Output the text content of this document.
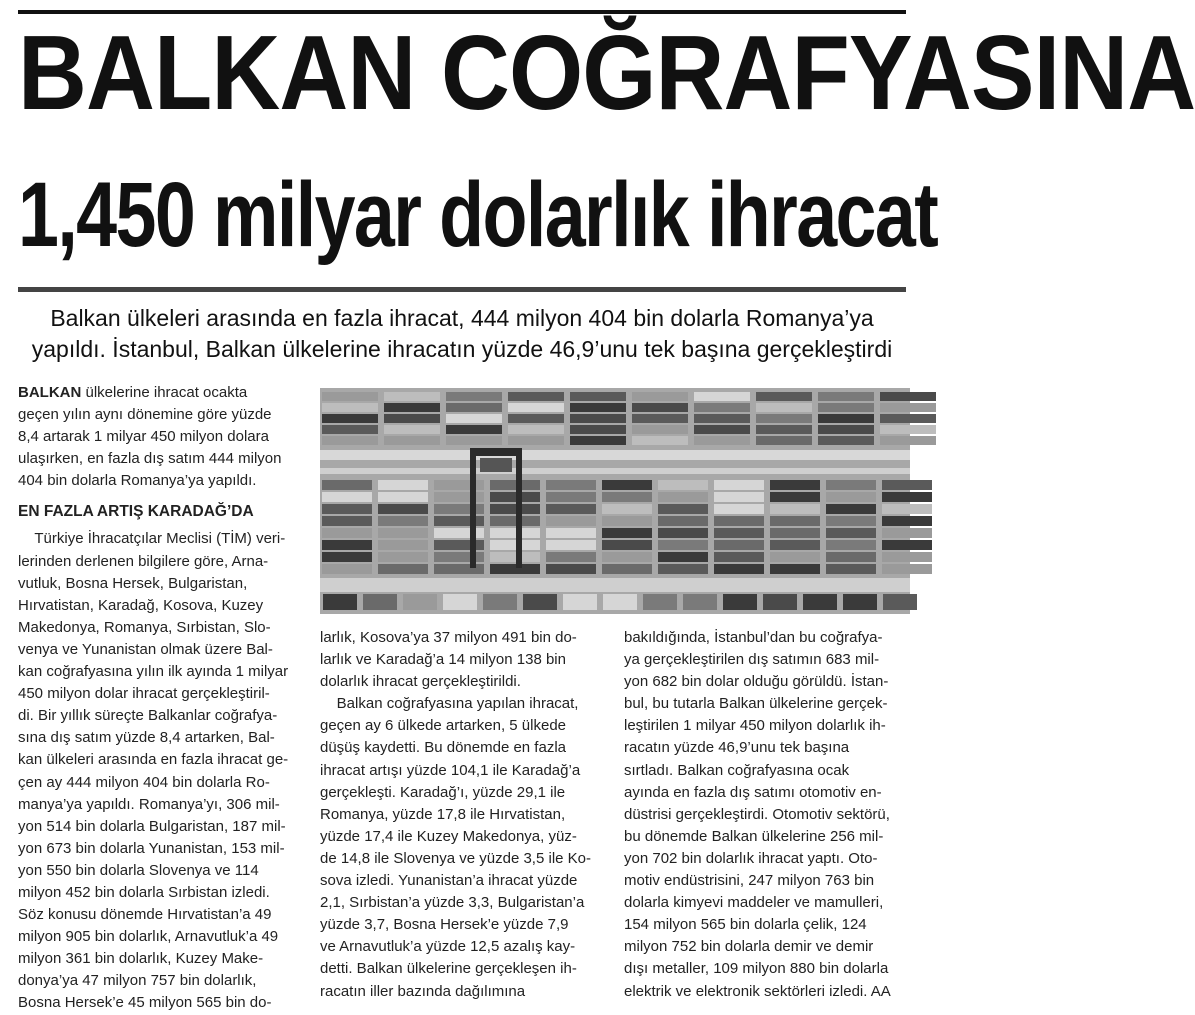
BALKAN COĞRAFYASINA
1,450 milyar dolarlık ihracat
Balkan ülkeleri arasında en fazla ihracat, 444 milyon 404 bin dolarla Romanya’ya
yapıldı. İstanbul, Balkan ülkelerine ihracatın yüzde 46,9’unu tek başına gerçekleştirdi
BALKAN ülkelerine ihracat ocakta
geçen yılın aynı dönemine göre yüzde
8,4 artarak 1 milyar 450 milyon dolara
ulaşırken, en fazla dış satım 444 milyon
404 bin dolarla Romanya’ya yapıldı.
EN FAZLA ARTIŞ KARADAĞ’DA
Türkiye İhracatçılar Meclisi (TİM) veri-
lerinden derlenen bilgilere göre, Arna-
vutluk, Bosna Hersek, Bulgaristan,
Hırvatistan, Karadağ, Kosova, Kuzey
Makedonya, Romanya, Sırbistan, Slo-
venya ve Yunanistan olmak üzere Bal-
kan coğrafyasına yılın ilk ayında 1 milyar
450 milyon dolar ihracat gerçekleştiril-
di. Bir yıllık süreçte Balkanlar coğrafya-
sına dış satım yüzde 8,4 artarken, Bal-
kan ülkeleri arasında en fazla ihracat ge-
çen ay 444 milyon 404 bin dolarla Ro-
manya’ya yapıldı. Romanya’yı, 306 mil-
yon 514 bin dolarla Bulgaristan, 187 mil-
yon 673 bin dolarla Yunanistan, 153 mil-
yon 550 bin dolarla Slovenya ve 114
milyon 452 bin dolarla Sırbistan izledi.
Söz konusu dönemde Hırvatistan’a 49
milyon 905 bin dolarlık, Arnavutluk’a 49
milyon 361 bin dolarlık, Kuzey Make-
donya’ya 47 milyon 757 bin dolarlık,
Bosna Hersek’e 45 milyon 565 bin do-
larlık, Kosova’ya 37 milyon 491 bin do-
larlık ve Karadağ’a 14 milyon 138 bin
dolarlık ihracat gerçekleştirildi.
Balkan coğrafyasına yapılan ihracat,
geçen ay 6 ülkede artarken, 5 ülkede
düşüş kaydetti. Bu dönemde en fazla
ihracat artışı yüzde 104,1 ile Karadağ’a
gerçekleşti. Karadağ’ı, yüzde 29,1 ile
Romanya, yüzde 17,8 ile Hırvatistan,
yüzde 17,4 ile Kuzey Makedonya, yüz-
de 14,8 ile Slovenya ve yüzde 3,5 ile Ko-
sova izledi. Yunanistan’a ihracat yüzde
2,1, Sırbistan’a yüzde 3,3, Bulgaristan’a
yüzde 3,7, Bosna Hersek’e yüzde 7,9
ve Arnavutluk’a yüzde 12,5 azalış kay-
detti. Balkan ülkelerine gerçekleşen ih-
racatın iller bazında dağılımına
bakıldığında, İstanbul’dan bu coğrafya-
ya gerçekleştirilen dış satımın 683 mil-
yon 682 bin dolar olduğu görüldü. İstan-
bul, bu tutarla Balkan ülkelerine gerçek-
leştirilen 1 milyar 450 milyon dolarlık ih-
racatın yüzde 46,9’unu tek başına
sırtladı. Balkan coğrafyasına ocak
ayında en fazla dış satımı otomotiv en-
düstrisi gerçekleştirdi. Otomotiv sektörü,
bu dönemde Balkan ülkelerine 256 mil-
yon 702 bin dolarlık ihracat yaptı. Oto-
motiv endüstrisini, 247 milyon 763 bin
dolarla kimyevi maddeler ve mamulleri,
154 milyon 565 bin dolarla çelik, 124
milyon 752 bin dolarla demir ve demir
dışı metaller, 109 milyon 880 bin dolarla
elektrik ve elektronik sektörleri izledi. AA
